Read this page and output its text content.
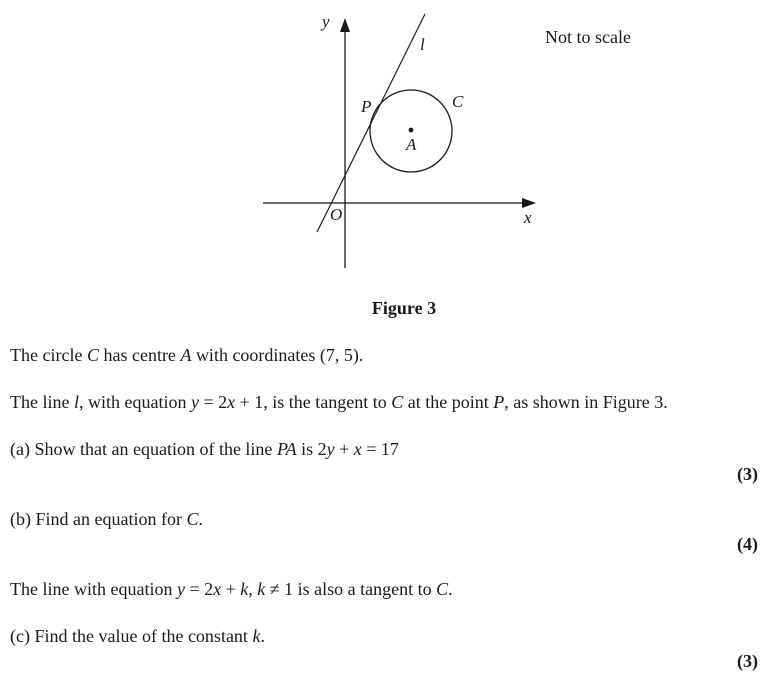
y
x
O
l
P	C
A
Not to scale
Figure 3
The circle C has centre A with coordinates (7, 5).
The line l, with equation y = 2x + 1, is the tangent to C at the point P, as shown in Figure 3.
(a) Show that an equation of the line PA is 2y + x = 17
(3)
(b) Find an equation for C.
(4)
The line with equation y = 2x + k, k ≠ 1 is also a tangent to C.
(c) Find the value of the constant k.
(3)
